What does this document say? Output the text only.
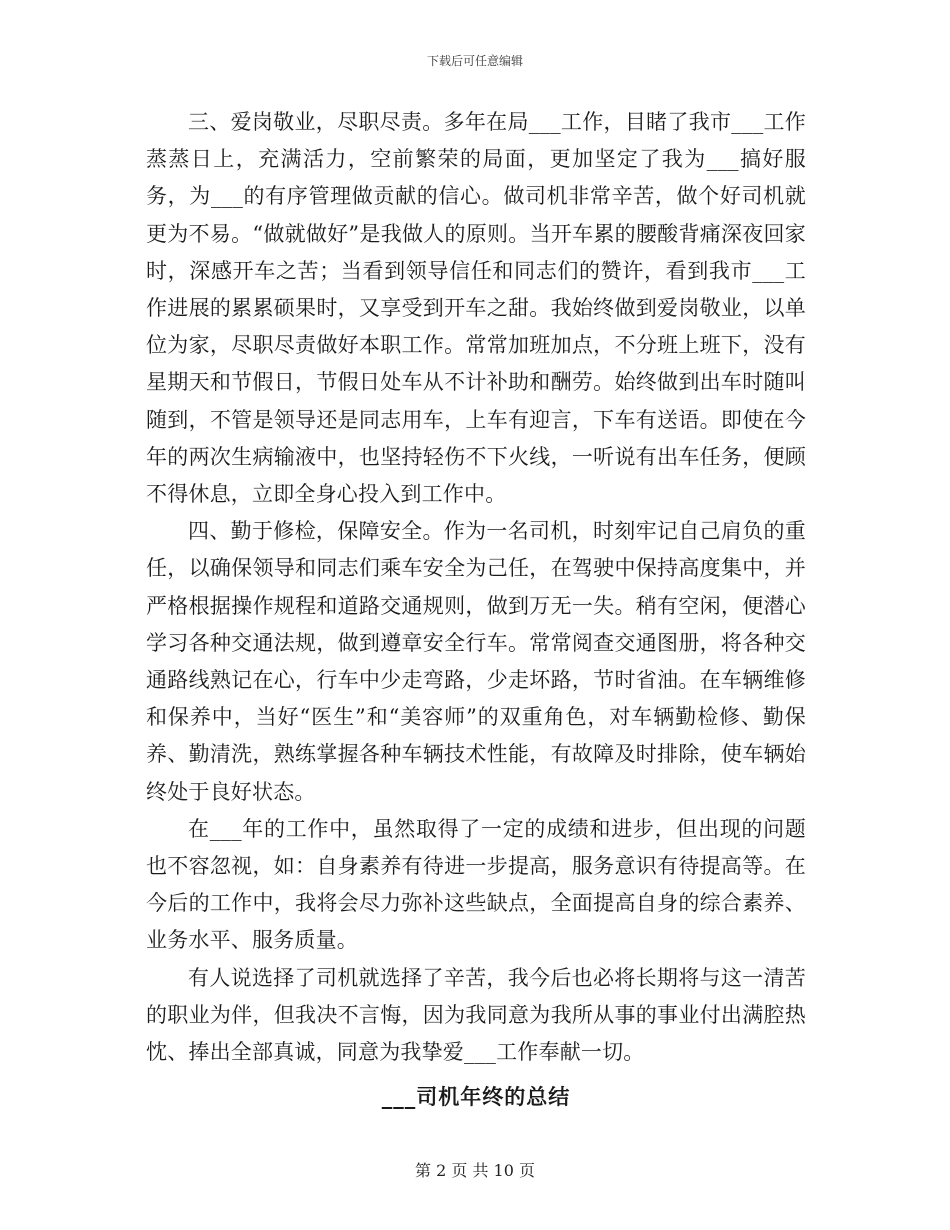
下载后可任意编辑

三、爱岗敬业，尽职尽责。多年在局___工作，目睹了我市___工作蒸蒸日上，充满活力，空前繁荣的局面，更加坚定了我为___搞好服务，为___的有序管理做贡献的信心。做司机非常辛苦，做个好司机就更为不易。“做就做好”是我做人的原则。当开车累的腰酸背痛深夜回家时，深感开车之苦；当看到领导信任和同志们的赞许，看到我市___工作进展的累累硕果时，又享受到开车之甜。我始终做到爱岗敬业，以单位为家，尽职尽责做好本职工作。常常加班加点，不分班上班下，没有星期天和节假日，节假日处车从不计补助和酬劳。始终做到出车时随叫随到，不管是领导还是同志用车，上车有迎言，下车有送语。即使在今年的两次生病输液中，也坚持轻伤不下火线，一听说有出车任务，便顾不得休息，立即全身心投入到工作中。

四、勤于修检，保障安全。作为一名司机，时刻牢记自己肩负的重任，以确保领导和同志们乘车安全为己任，在驾驶中保持高度集中，并严格根据操作规程和道路交通规则，做到万无一失。稍有空闲，便潜心学习各种交通法规，做到遵章安全行车。常常阅查交通图册，将各种交通路线熟记在心，行车中少走弯路，少走坏路，节时省油。在车辆维修和保养中，当好“医生”和“美容师”的双重角色，对车辆勤检修、勤保养、勤清洗，熟练掌握各种车辆技术性能，有故障及时排除，使车辆始终处于良好状态。

在___年的工作中，虽然取得了一定的成绩和进步，但出现的问题也不容忽视，如：自身素养有待进一步提高，服务意识有待提高等。在今后的工作中，我将会尽力弥补这些缺点，全面提高自身的综合素养、业务水平、服务质量。

有人说选择了司机就选择了辛苦，我今后也必将长期将与这一清苦的职业为伴，但我决不言悔，因为我同意为我所从事的事业付出满腔热忱、捧出全部真诚，同意为我挚爱___工作奉献一切。

___司机年终的总结
第 2 页 共 10 页
